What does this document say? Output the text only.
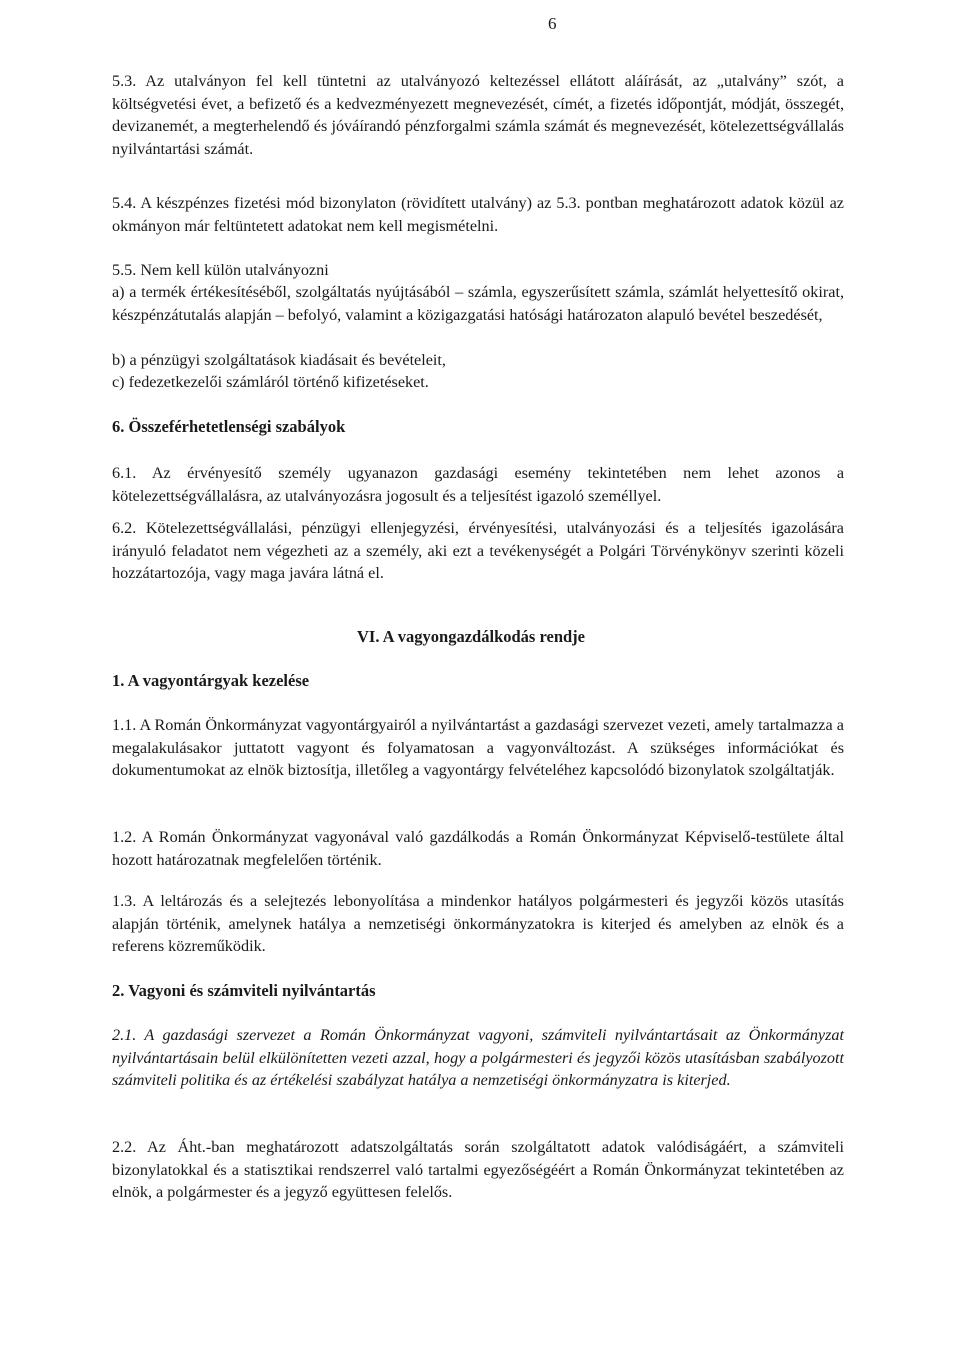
6

5.3. Az utalványon fel kell tüntetni az utalványozó keltezéssel ellátott aláírását, az „utalvány” szót, a költségvetési évet, a befizető és a kedvezményezett megnevezését, címét, a fizetés időpontját, módját, összegét, devizanemét, a megterhelendő és jóváírandó pénzforgalmi számla számát és megnevezését, kötelezettségvállalás nyilvántartási számát.

5.4. A készpénzes fizetési mód bizonylaton (rövidített utalvány) az 5.3. pontban meghatározott adatok közül az okmányon már feltüntetett adatokat nem kell megismételni.

5.5. Nem kell külön utalványozni

a) a termék értékesítéséből, szolgáltatás nyújtásából – számla, egyszerűsített számla, számlát helyettesítő okirat, készpénzátutalás alapján – befolyó, valamint a közigazgatási hatósági határozaton alapuló bevétel beszedését,

b) a pénzügyi szolgáltatások kiadásait és bevételeit,

c) fedezetkezelői számláról történő kifizetéseket.

6. Összeférhetetlenségi szabályok

6.1. Az érvényesítő személy ugyanazon gazdasági esemény tekintetében nem lehet azonos a kötelezettségvállalásra, az utalványozásra jogosult és a teljesítést igazoló személlyel.

6.2. Kötelezettségvállalási, pénzügyi ellenjegyzési, érvényesítési, utalványozási és a teljesítés igazolására irányuló feladatot nem végezheti az a személy, aki ezt a tevékenységét a Polgári Törvénykönyv szerinti közeli hozzátartozója, vagy maga javára látná el.

VI. A vagyongazdálkodás rendje

1. A vagyontárgyak kezelése

1.1. A Román Önkormányzat vagyontárgyairól a nyilvántartást a gazdasági szervezet vezeti, amely tartalmazza a megalakulásakor juttatott vagyont és folyamatosan a vagyonváltozást. A szükséges információkat és dokumentumokat az elnök biztosítja, illetőleg a vagyontárgy felvételéhez kapcsolódó bizonylatok szolgáltatják.

1.2. A Román Önkormányzat vagyonával való gazdálkodás a Román Önkormányzat Képviselő-testülete által hozott határozatnak megfelelően történik.

1.3. A leltározás és a selejtezés lebonyolítása a mindenkor hatályos polgármesteri és jegyzői közös utasítás alapján történik, amelynek hatálya a nemzetiségi önkormányzatokra is kiterjed és amelyben az elnök és a referens közreműködik.

2. Vagyoni és számviteli nyilvántartás

2.1. A gazdasági szervezet a Román Önkormányzat vagyoni, számviteli nyilvántartásait az Önkormányzat nyilvántartásain belül elkülönítetten vezeti azzal, hogy a polgármesteri és jegyzői közös utasításban szabályozott számviteli politika és az értékelési szabályzat hatálya a nemzetiségi önkormányzatra is kiterjed.

2.2. Az Áht.-ban meghatározott adatszolgáltatás során szolgáltatott adatok valódiságáért, a számviteli bizonylatokkal és a statisztikai rendszerrel való tartalmi egyezőségéért a Román Önkormányzat tekintetében az elnök, a polgármester és a jegyző együttesen felelős.
